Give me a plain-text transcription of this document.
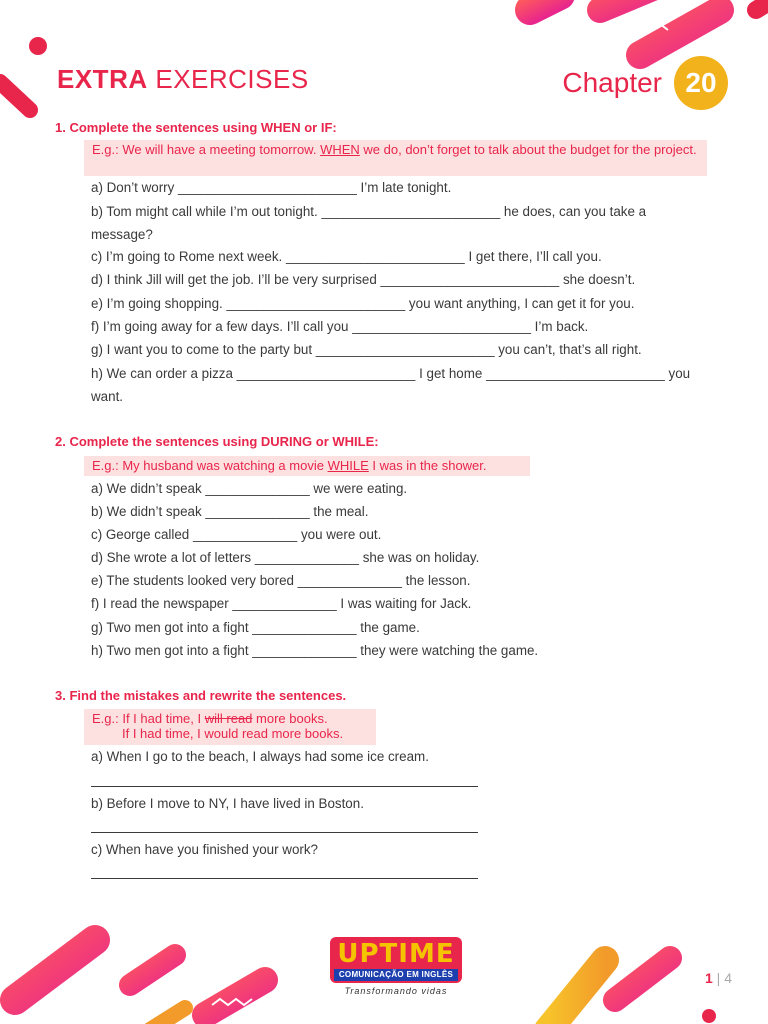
EXTRA EXERCISES	Chapter 20
1. Complete the sentences using WHEN or IF:
E.g.: We will have a meeting tomorrow. WHEN we do, don’t forget to talk about the budget for the project.
a) Don’t worry ________________________ I’m late tonight.
b) Tom might call while I’m out tonight. ________________________ he does, can you take a
message?
c) I’m going to Rome next week. ________________________ I get there, I’ll call you.
d) I think Jill will get the job. I’ll be very surprised ________________________ she doesn’t.
e) I’m going shopping. ________________________ you want anything, I can get it for you.
f) I’m going away for a few days. I’ll call you ________________________ I’m back.
g) I want you to come to the party but ________________________ you can’t, that’s all right.
h) We can order a pizza ________________________ I get home ________________________ you
want.
2. Complete the sentences using DURING or WHILE:
E.g.: My husband was watching a movie WHILE I was in the shower.
a) We didn’t speak ______________ we were eating.
b) We didn’t speak ______________ the meal.
c) George called ______________ you were out.
d) She wrote a lot of letters ______________ she was on holiday.
e) The students looked very bored ______________ the lesson.
f) I read the newspaper ______________ I was waiting for Jack.
g) Two men got into a fight ______________ the game.
h) Two men got into a fight ______________ they were watching the game.
3. Find the mistakes and rewrite the sentences.
E.g.: If I had time, I will read more books.
If I had time, I would read more books.
a) When I go to the beach, I always had some ice cream.
b) Before I move to NY, I have lived in Boston.
c) When have you finished your work?
UPTIME
COMUNICAÇÃO EM INGLÊS
Transformando vidas
1 | 4
